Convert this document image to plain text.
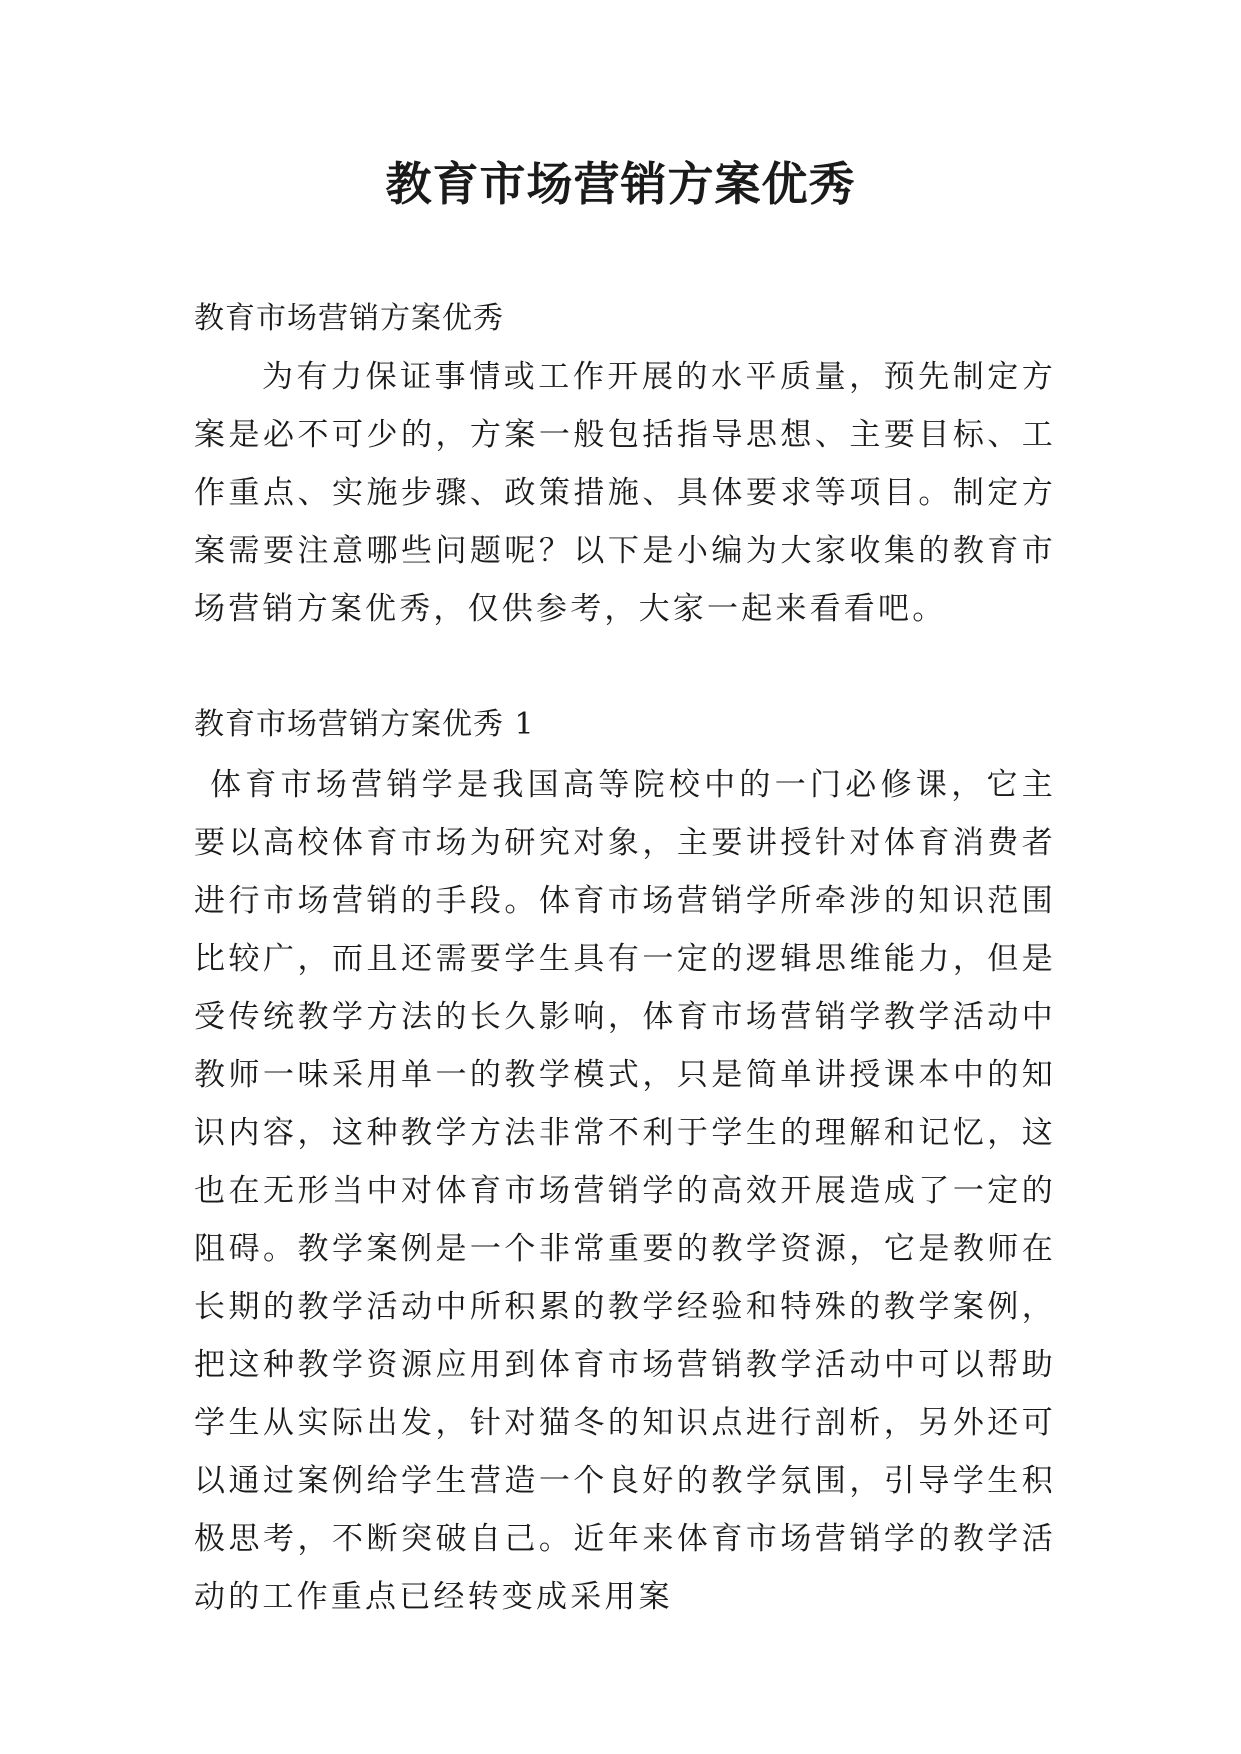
教育市场营销方案优秀
教育市场营销方案优秀
为有力保证事情或工作开展的水平质量，预先制定方案是必不可少的，方案一般包括指导思想、主要目标、工作重点、实施步骤、政策措施、具体要求等项目。制定方案需要注意哪些问题呢？以下是小编为大家收集的教育市场营销方案优秀，仅供参考，大家一起来看看吧。
教育市场营销方案优秀 1
体育市场营销学是我国高等院校中的一门必修课，它主要以高校体育市场为研究对象，主要讲授针对体育消费者进行市场营销的手段。体育市场营销学所牵涉的知识范围比较广，而且还需要学生具有一定的逻辑思维能力，但是受传统教学方法的长久影响，体育市场营销学教学活动中教师一味采用单一的教学模式，只是简单讲授课本中的知识内容，这种教学方法非常不利于学生的理解和记忆，这也在无形当中对体育市场营销学的高效开展造成了一定的阻碍。教学案例是一个非常重要的教学资源，它是教师在长期的教学活动中所积累的教学经验和特殊的教学案例，把这种教学资源应用到体育市场营销教学活动中可以帮助学生从实际出发，针对猫冬的知识点进行剖析，另外还可以通过案例给学生营造一个良好的教学氛围，引导学生积极思考，不断突破自己。近年来体育市场营销学的教学活动的工作重点已经转变成采用案
